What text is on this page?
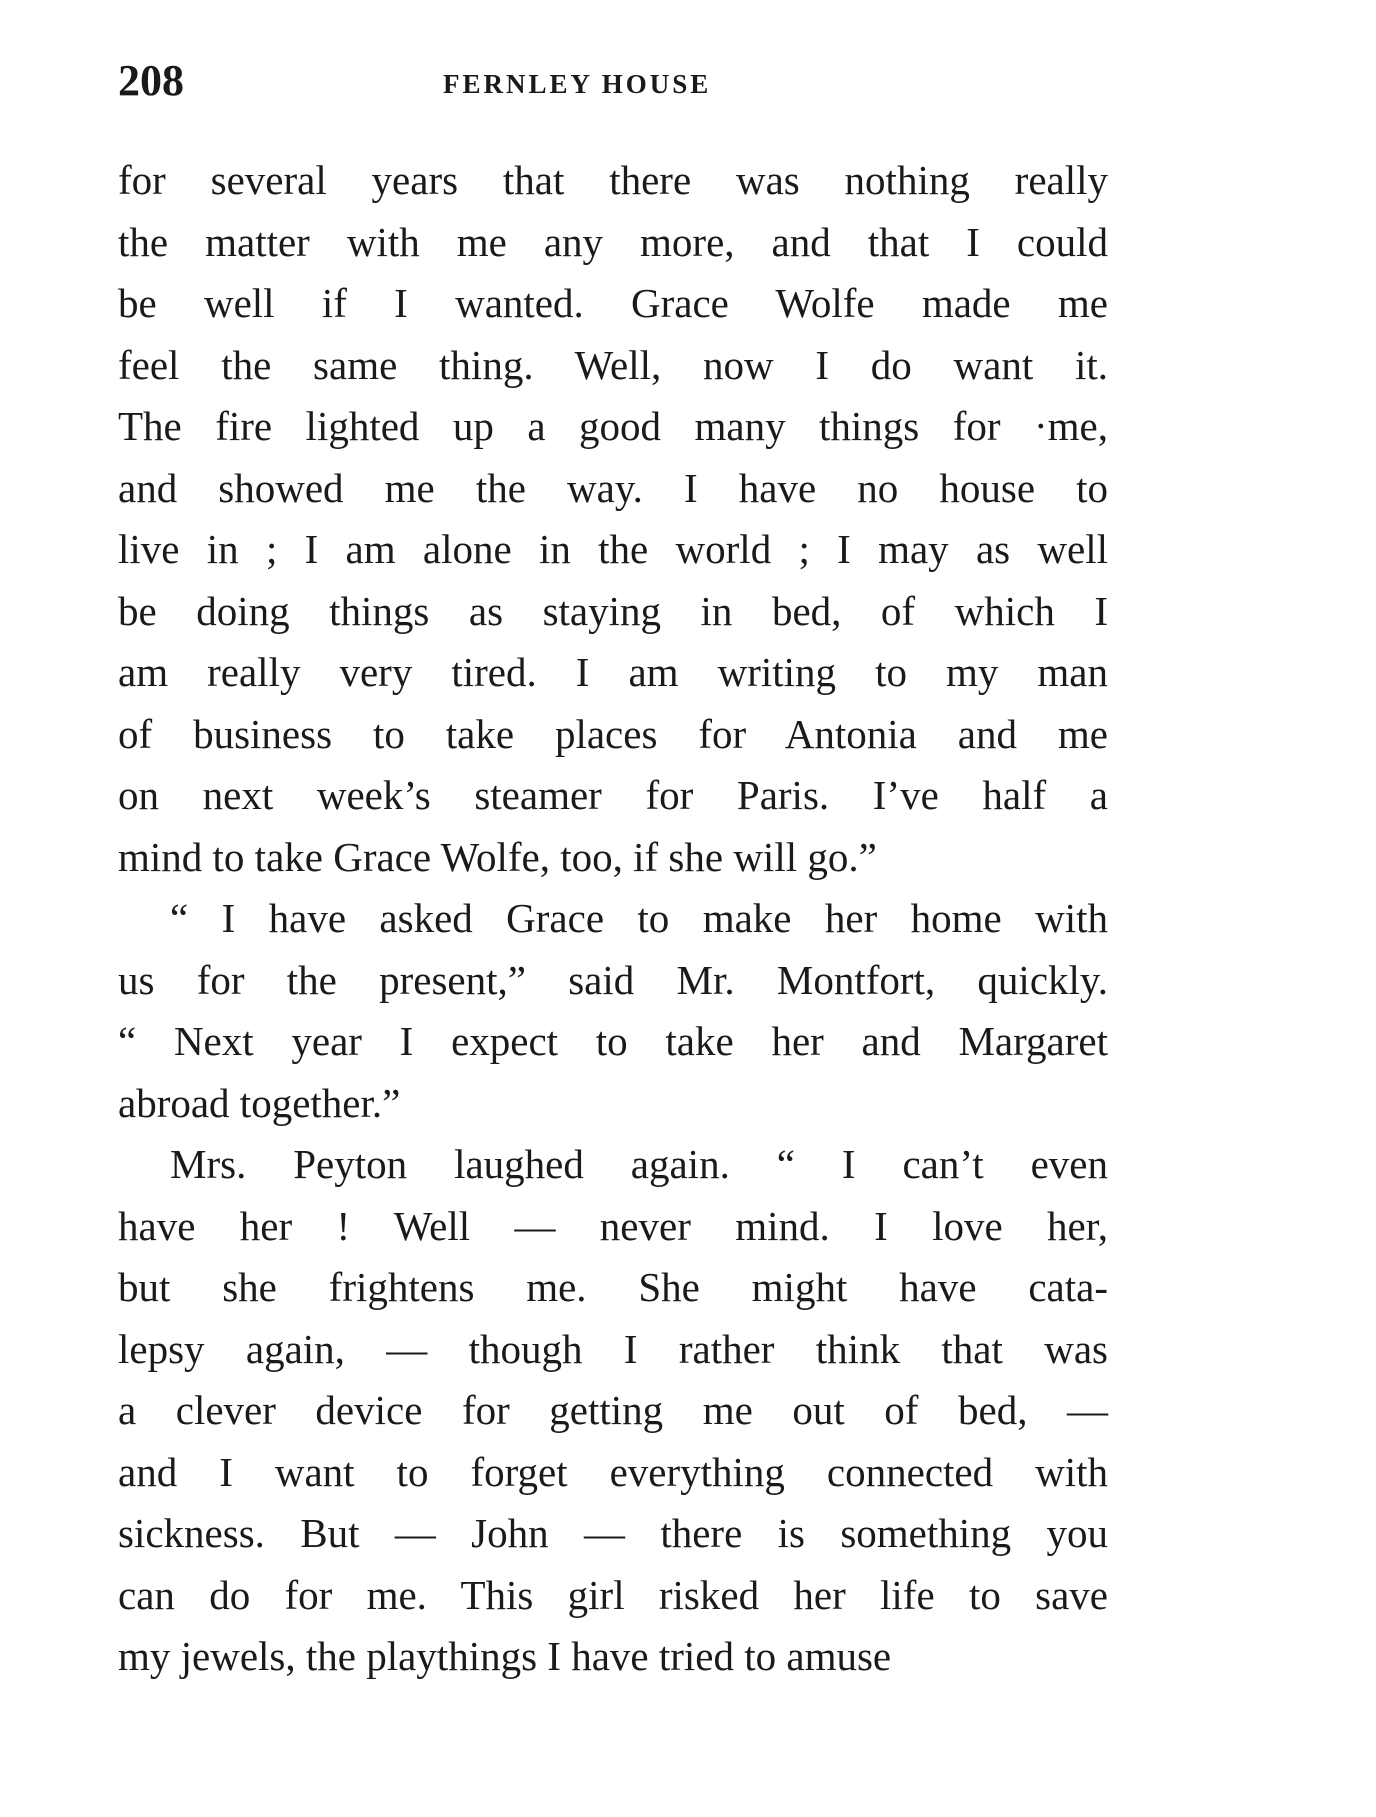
208	FERNLEY HOUSE
for several years that there was nothing really
the matter with me any more, and that I could
be well if I wanted. Grace Wolfe made me
feel the same thing. Well, now I do want it.
The fire lighted up a good many things for ·me,
and showed me the way. I have no house to
live in ; I am alone in the world ; I may as well
be doing things as staying in bed, of which I
am really very tired. I am writing to my man
of business to take places for Antonia and me
on next week’s steamer for Paris. I’ve half a
mind to take Grace Wolfe, too, if she will go.”
“ I have asked Grace to make her home with
us for the present,” said Mr. Montfort, quickly.
“ Next year I expect to take her and Margaret
abroad together.”
Mrs. Peyton laughed again. “ I can’t even
have her ! Well — never mind. I love her,
but she frightens me. She might have cata-
lepsy again, — though I rather think that was
a clever device for getting me out of bed, —
and I want to forget everything connected with
sickness. But — John — there is something you
can do for me. This girl risked her life to save
my jewels, the playthings I have tried to amuse
